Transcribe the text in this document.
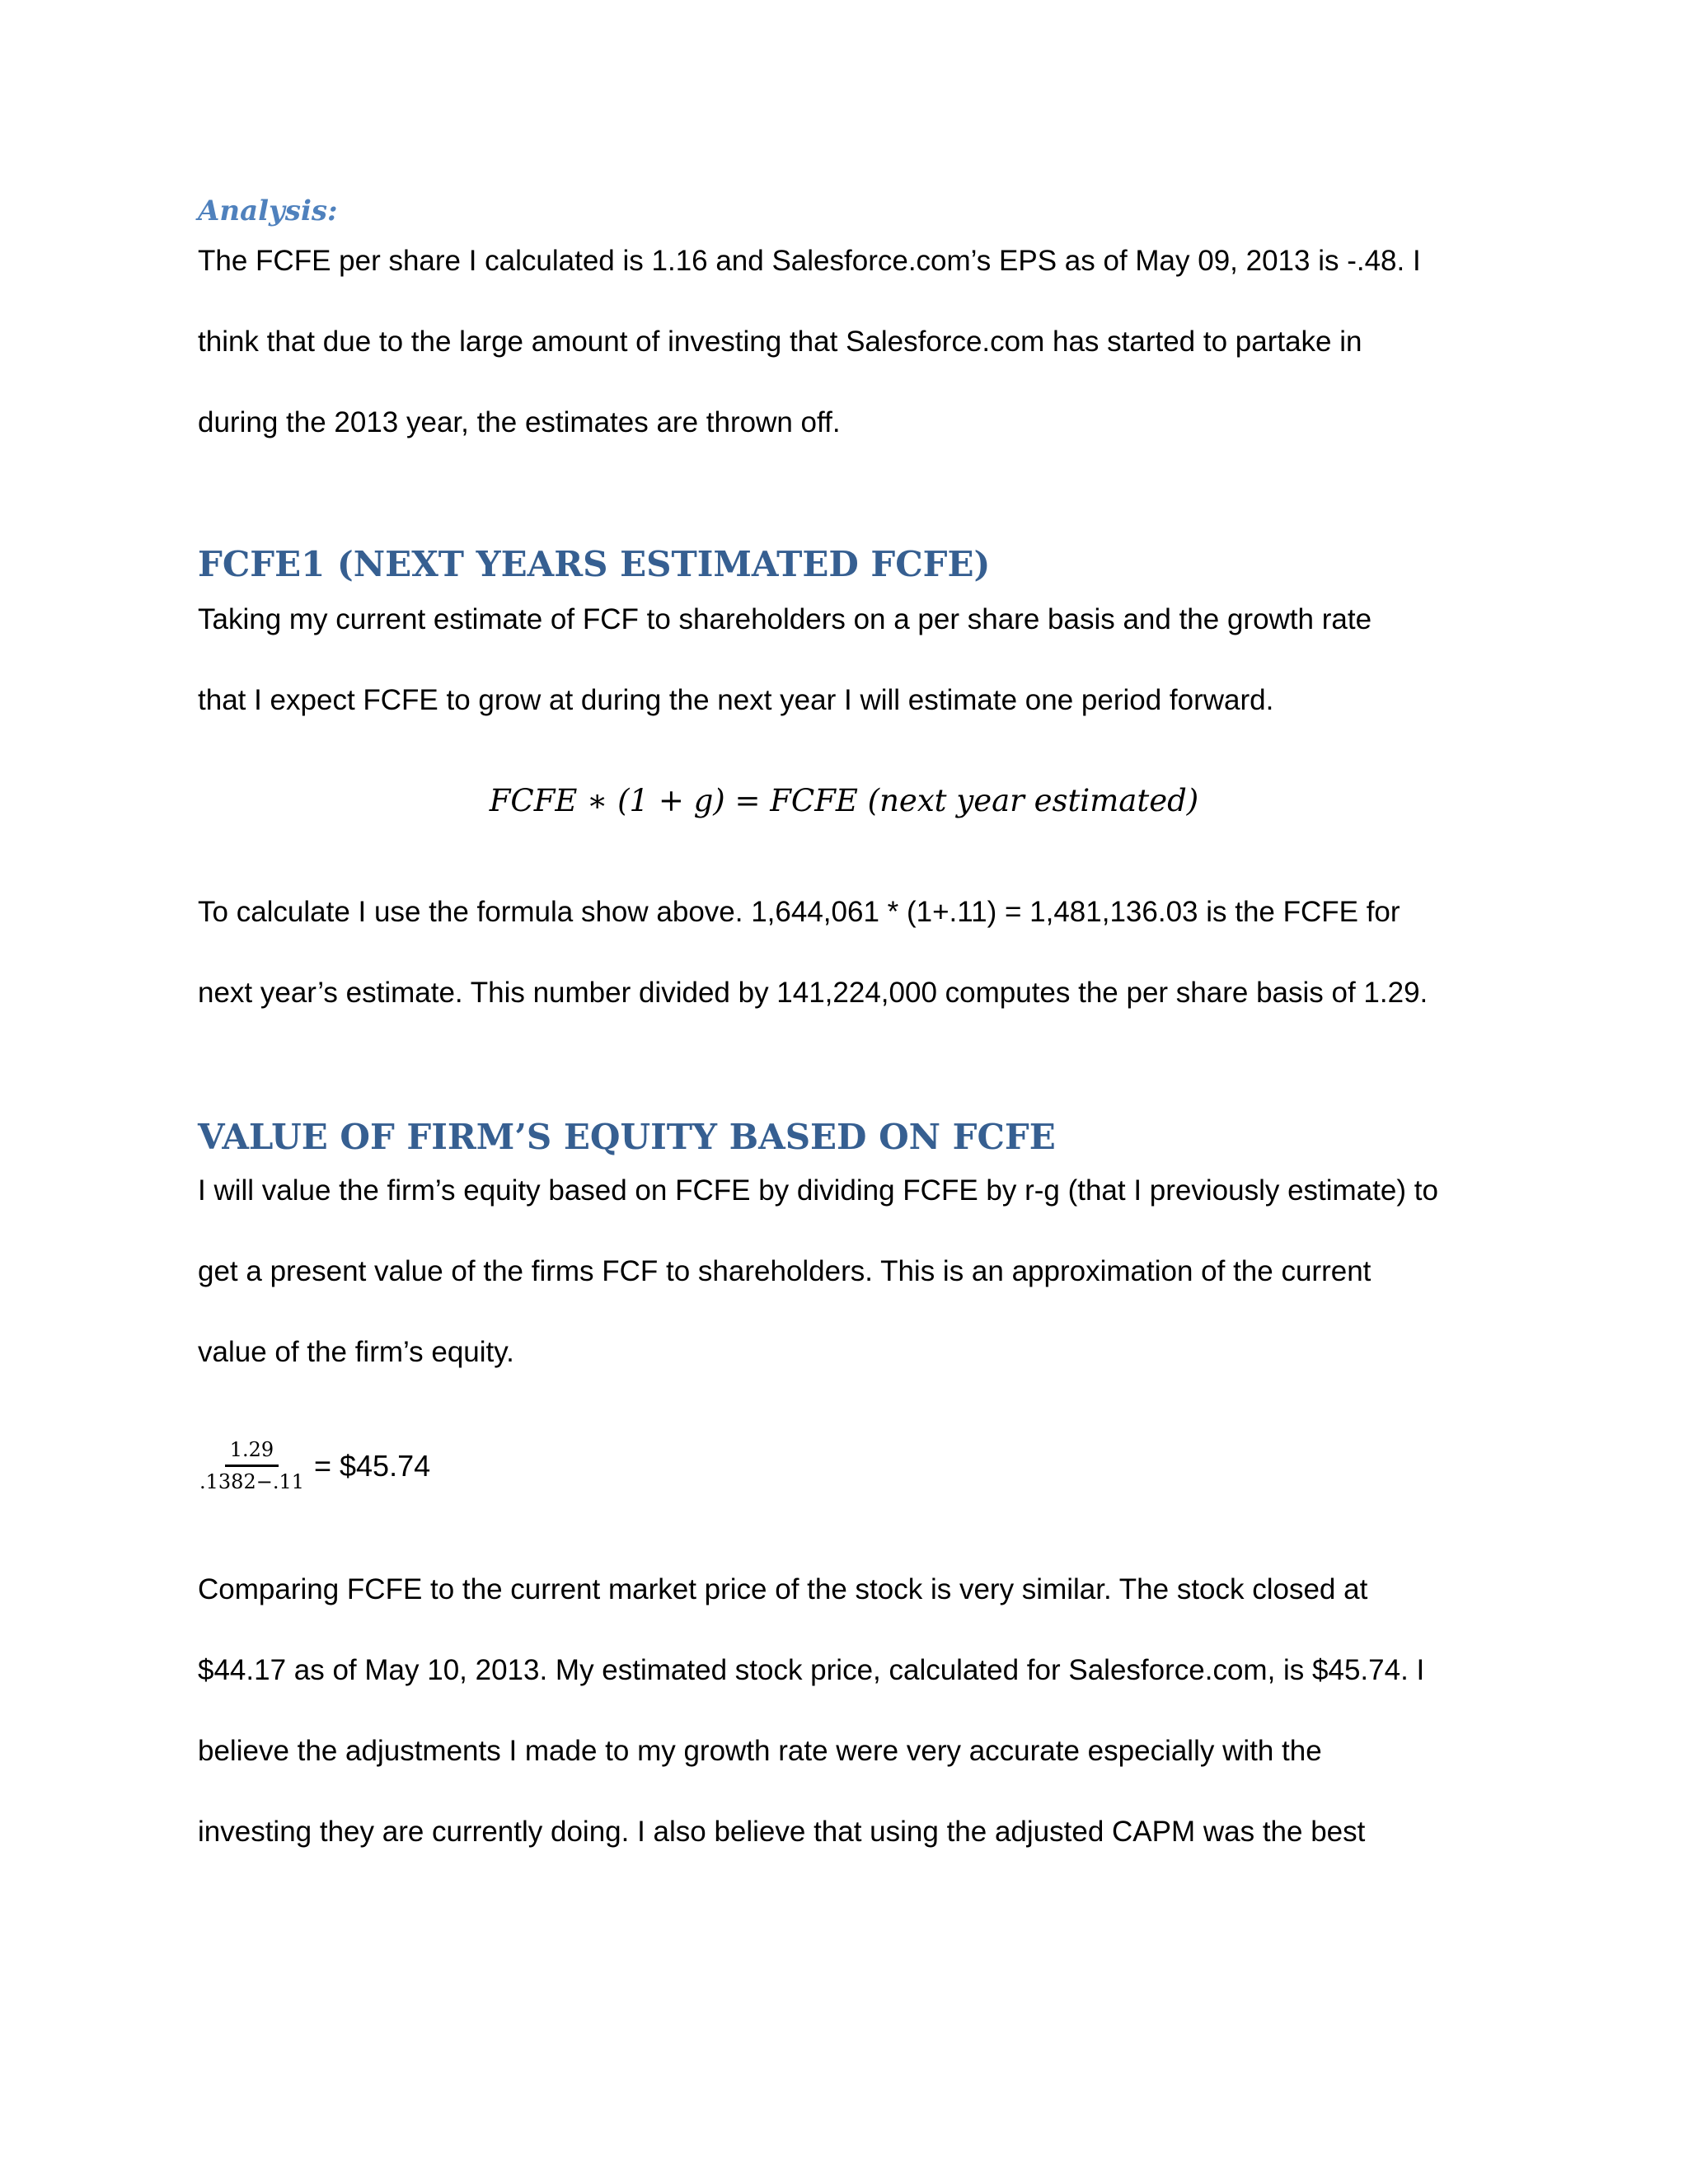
Analysis:

The FCFE per share I calculated is 1.16 and Salesforce.com’s EPS as of May 09, 2013 is -.48. I
think that due to the large amount of investing that Salesforce.com has started to partake in
during the 2013 year, the estimates are thrown off.

FCFE1 (NEXT YEARS ESTIMATED FCFE)

Taking my current estimate of FCF to shareholders on a per share basis and the growth rate
that I expect FCFE to grow at during the next year I will estimate one period forward.

FCFE ∗ (1 + g) = FCFE (next year estimated)

To calculate I use the formula show above. 1,644,061 * (1+.11) = 1,481,136.03 is the FCFE for
next year’s estimate. This number divided by 141,224,000 computes the per share basis of 1.29.

VALUE OF FIRM’S EQUITY BASED ON FCFE

I will value the firm’s equity based on FCFE by dividing FCFE by r-g (that I previously estimate) to
get a present value of the firms FCF to shareholders. This is an approximation of the current
value of the firm’s equity.

$\frac{1.29}{.1382-.11}$ = $45.74

Comparing FCFE to the current market price of the stock is very similar. The stock closed at
$44.17 as of May 10, 2013. My estimated stock price, calculated for Salesforce.com, is $45.74. I
believe the adjustments I made to my growth rate were very accurate especially with the
investing they are currently doing. I also believe that using the adjusted CAPM was the best
